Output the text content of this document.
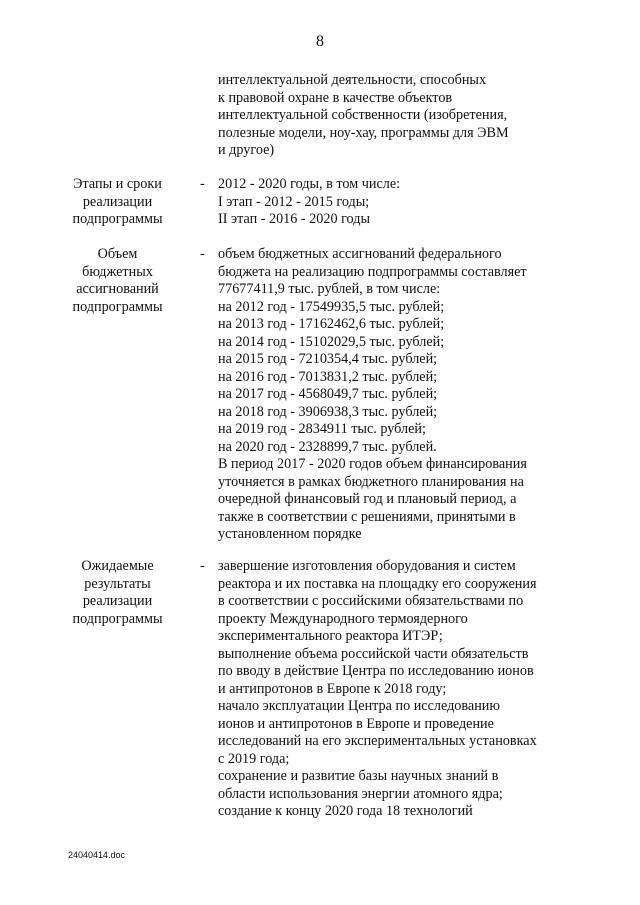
8
интеллектуальной деятельности, способных
к правовой охране в качестве объектов
интеллектуальной собственности (изобретения,
полезные модели, ноу-хау, программы для ЭВМ
и другое)
Этапы и сроки
реализации
подпрограммы
- 2012 - 2020 годы, в том числе:
I этап - 2012 - 2015 годы;
II этап - 2016 - 2020 годы
Объем
бюджетных
ассигнований
подпрограммы
- объем бюджетных ассигнований федерального
бюджета на реализацию подпрограммы составляет
77677411,9 тыс. рублей, в том числе:
на 2012 год - 17549935,5 тыс. рублей;
на 2013 год - 17162462,6 тыс. рублей;
на 2014 год - 15102029,5 тыс. рублей;
на 2015 год - 7210354,4 тыс. рублей;
на 2016 год - 7013831,2 тыс. рублей;
на 2017 год - 4568049,7 тыс. рублей;
на 2018 год - 3906938,3 тыс. рублей;
на 2019 год - 2834911 тыс. рублей;
на 2020 год - 2328899,7 тыс. рублей.
В период 2017 - 2020 годов объем финансирования
уточняется в рамках бюджетного планирования на
очередной финансовый год и плановый период, а
также в соответствии с решениями, принятыми в
установленном порядке
Ожидаемые
результаты
реализации
подпрограммы
- завершение изготовления оборудования и систем
реактора и их поставка на площадку его сооружения
в соответствии с российскими обязательствами по
проекту Международного термоядерного
экспериментального реактора ИТЭР;
выполнение объема российской части обязательств
по вводу в действие Центра по исследованию ионов
и антипротонов в Европе к 2018 году;
начало эксплуатации Центра по исследованию
ионов и антипротонов в Европе и проведение
исследований на его экспериментальных установках
с 2019 года;
сохранение и развитие базы научных знаний в
области использования энергии атомного ядра;
создание к концу 2020 года 18 технологий
24040414.doc
